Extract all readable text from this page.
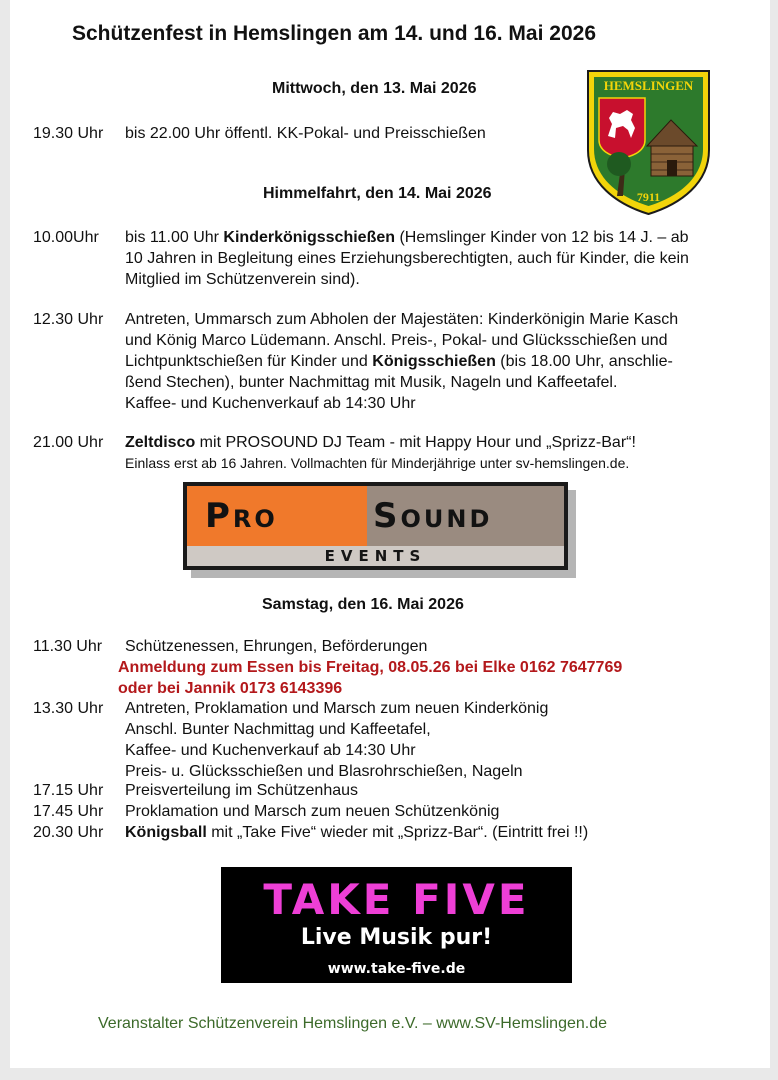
Schützenfest in Hemslingen am 14. und 16. Mai 2026
HEMSLINGEN
7911
Mittwoch, den 13. Mai 2026
19.30 Uhr bis 22.00 Uhr öffentl. KK-Pokal- und Preisschießen
Himmelfahrt, den 14. Mai 2026
10.00Uhr bis 11.00 Uhr Kinderkönigsschießen (Hemslinger Kinder von 12 bis 14 J. – ab
10 Jahren in Begleitung eines Erziehungsberechtigten, auch für Kinder, die kein
Mitglied im Schützenverein sind).
12.30 Uhr Antreten, Ummarsch zum Abholen der Majestäten: Kinderkönigin Marie Kasch
und König Marco Lüdemann. Anschl. Preis-, Pokal- und Glücksschießen und
Lichtpunktschießen für Kinder und Königsschießen (bis 18.00 Uhr, anschlie-
ßend Stechen), bunter Nachmittag mit Musik, Nageln und Kaffeetafel.
Kaffee- und Kuchenverkauf ab 14:30 Uhr
21.00 Uhr Zeltdisco mit PROSOUND DJ Team - mit Happy Hour und „Sprizz-Bar“!
Einlass erst ab 16 Jahren. Vollmachten für Minderjährige unter sv-hemslingen.de.
Pro	Sound
EVENTS
Samstag, den 16. Mai 2026
11.30 Uhr Schützenessen, Ehrungen, Beförderungen
Anmeldung zum Essen bis Freitag, 08.05.26 bei Elke 0162 7647769
oder bei Jannik 0173 6143396
13.30 Uhr Antreten, Proklamation und Marsch zum neuen Kinderkönig
Anschl. Bunter Nachmittag und Kaffeetafel,
Kaffee- und Kuchenverkauf ab 14:30 Uhr
Preis- u. Glücksschießen und Blasrohrschießen, Nageln
17.15 Uhr Preisverteilung im Schützenhaus
17.45 Uhr Proklamation und Marsch zum neuen Schützenkönig
20.30 Uhr Königsball mit „Take Five“ wieder mit „Sprizz-Bar“. (Eintritt frei !!)
TAKE FIVE
Live Musik pur!
www.take-five.de
Veranstalter Schützenverein Hemslingen e.V. – www.SV-Hemslingen.de
